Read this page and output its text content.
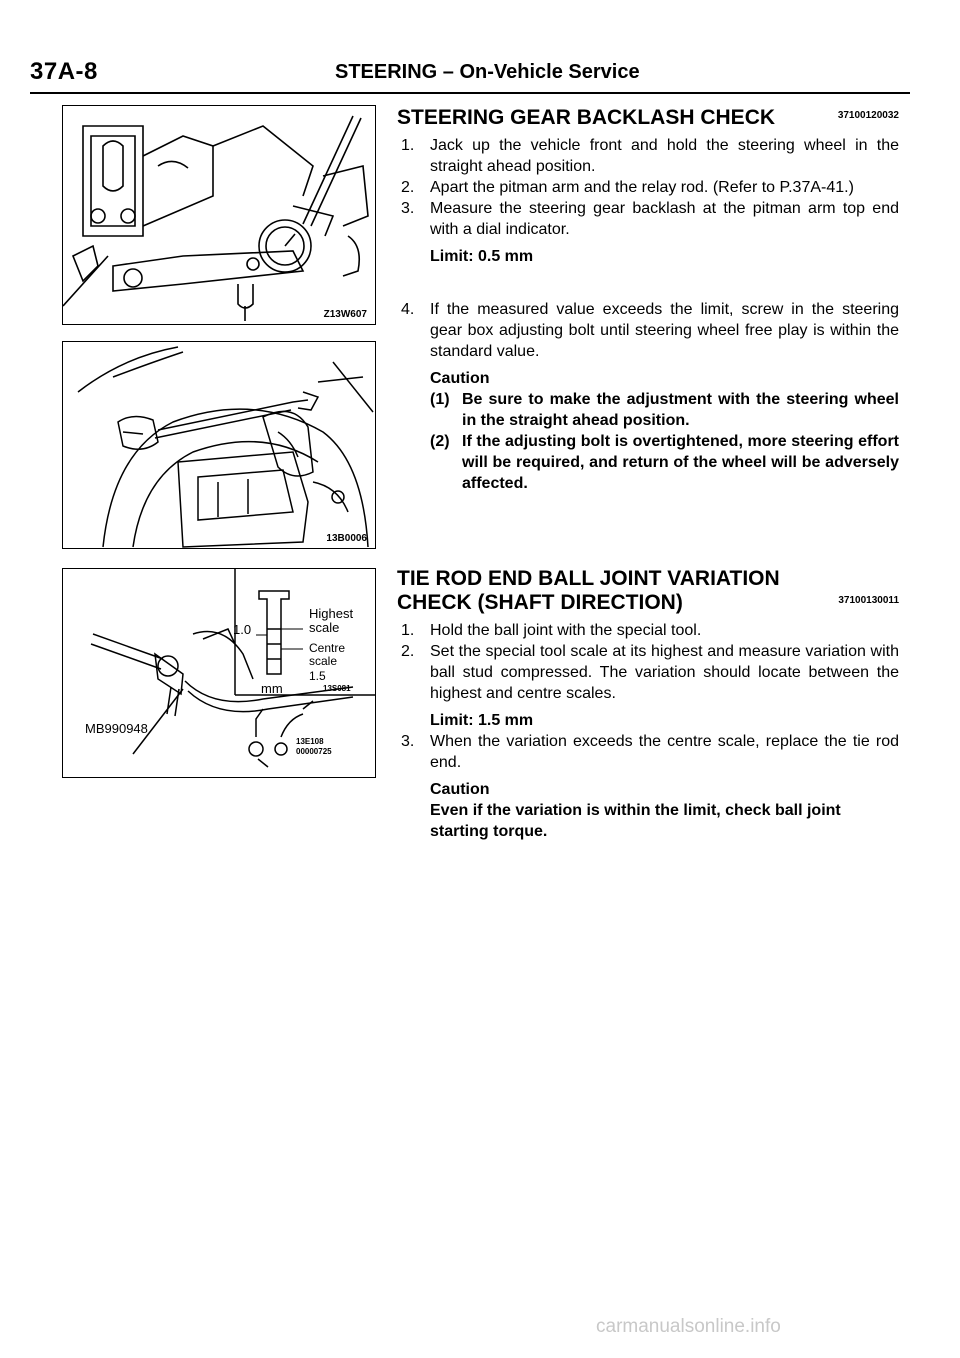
37A-8	STEERING – On-Vehicle Service
Z13W607
13B0006
Highest scale
1.0
Centre scale
1.5
mm	13S081
MB990948
13E108
00000725
STEERING GEAR BACKLASH CHECK	37100120032
1. Jack up the vehicle front and hold the steering wheel in the straight ahead position.
2. Apart the pitman arm and the relay rod. (Refer to P.37A-41.)
3. Measure the steering gear backlash at the pitman arm top end with a dial indicator.
Limit: 0.5 mm
4. If the measured value exceeds the limit, screw in the steering gear box adjusting bolt until steering wheel free play is within the standard value.
Caution
(1) Be sure to make the adjustment with the steering wheel in the straight ahead position.
(2) If the adjusting bolt is overtightened, more steering effort will be required, and return of the wheel will be adversely affected.
TIE ROD END BALL JOINT VARIATION
CHECK (SHAFT DIRECTION)	37100130011
1. Hold the ball joint with the special tool.
2. Set the special tool scale at its highest and measure variation with ball stud compressed. The variation should locate between the highest and centre scales.
Limit: 1.5 mm
3. When the variation exceeds the centre scale, replace the tie rod end.
Caution
Even if the variation is within the limit, check ball joint starting torque.
carmanualsonline.info
